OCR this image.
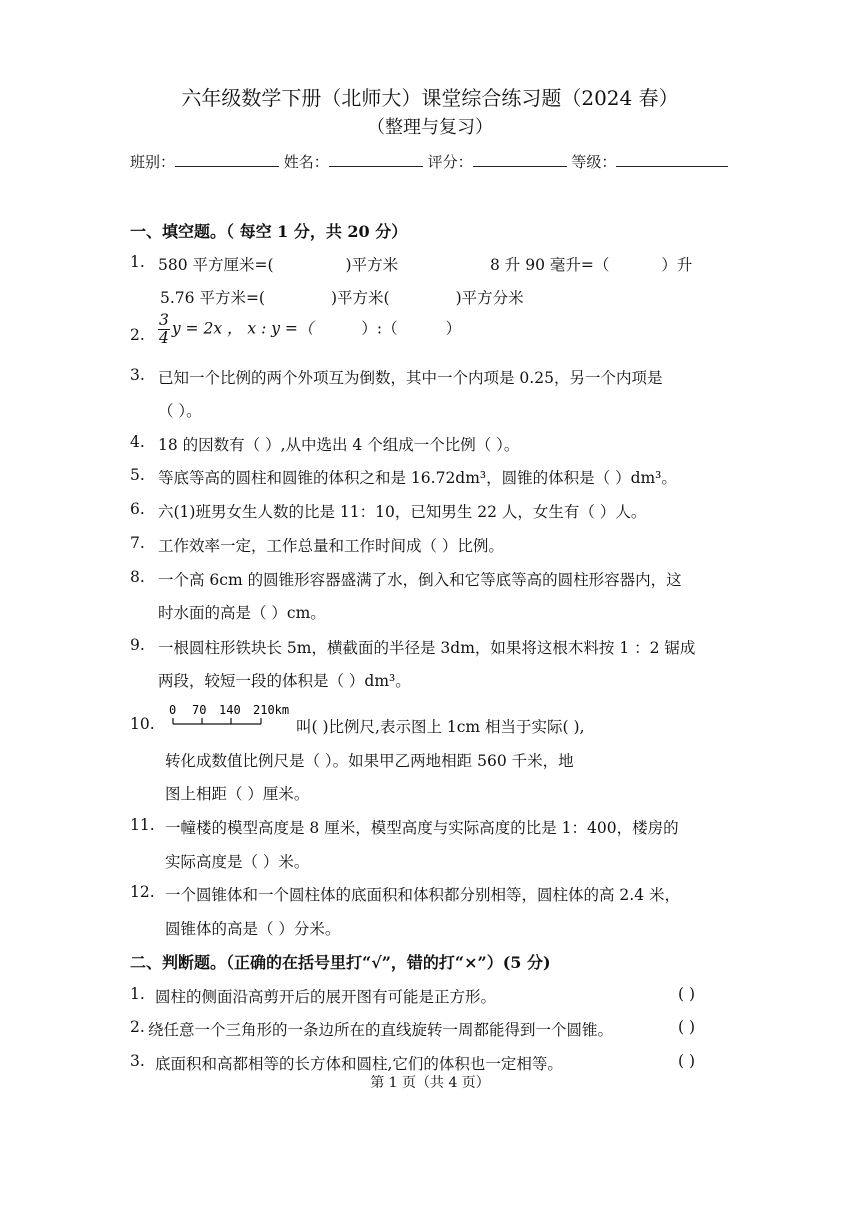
六年级数学下册（北师大）课堂综合练习题（2024 春）
（整理与复习）
班别：	姓名：	评分：	等级：
一、填空题。（ 每空 1 分，共 20 分）
1. 580 平方厘米=(	)平方米	8 升 90 毫升=（	）升
5.76 平方米=(	)平方米(	)平方分米
2. $\frac{3}{4}$ y = 2x ， x : y =（	）:（	）
3. 已知一个比例的两个外项互为倒数，其中一个内项是 0.25，另一个内项是
（ ）。
4. 18 的因数有（ ）,从中选出 4 个组成一个比例（ ）。
5. 等底等高的圆柱和圆锥的体积之和是 16.72dm³，圆锥的体积是（ ）dm³。
6. 六(1)班男女生人数的比是 11：10，已知男生 22 人，女生有（ ）人。
7. 工作效率一定，工作总量和工作时间成（ ）比例。
8. 一个高 6cm 的圆锥形容器盛满了水，倒入和它等底等高的圆柱形容器内，这
时水面的高是（ ）cm。
9. 一根圆柱形铁块长 5m，横截面的半径是 3dm，如果将这根木料按 1 ：2 锯成
两段，较短一段的体积是（ ）dm³。
10.
0 70 140 210km
叫( )比例尺,表示图上 1cm 相当于实际( ),
转化成数值比例尺是（ ）。如果甲乙两地相距 560 千米，地
图上相距（ ）厘米。
11. 一幢楼的模型高度是 8 厘米，模型高度与实际高度的比是 1：400，楼房的
实际高度是（ ）米。
12. 一个圆锥体和一个圆柱体的底面积和体积都分别相等，圆柱体的高 2.4 米，
圆锥体的高是（ ）分米。
二、判断题。（正确的在括号里打“√”，错的打“×”）(5 分)
1. 圆柱的侧面沿高剪开后的展开图有可能是正方形。	( )
2. 绕任意一个三角形的一条边所在的直线旋转一周都能得到一个圆锥。	( )
3. 底面积和高都相等的长方体和圆柱,它们的体积也一定相等。	( )
第 1 页（共 4 页）
